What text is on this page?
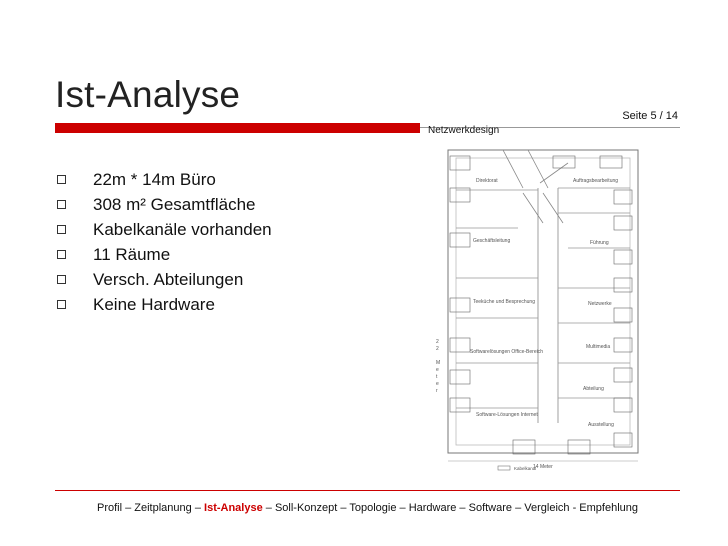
Ist-Analyse
Seite 5 / 14
Netzwerkdesign
22m * 14m Büro
308 m² Gesamtfläche
Kabelkanäle vorhanden
11 Räume
Versch. Abteilungen
Keine Hardware
Direktorat	Auftragsbearbeitung
Geschäftsleitung	Führung
Teeküche und Besprechung	Netzwerke
Softwarelösungen Office-Bereich
Multimedia
Abteilung
Software-Lösungen Internet
Ausstellung
2
2
M
e
t
e
r
14 Meter
Kabelkanal
Profil – Zeitplanung – Ist-Analyse – Soll-Konzept – Topologie – Hardware – Software – Vergleich - Empfehlung
